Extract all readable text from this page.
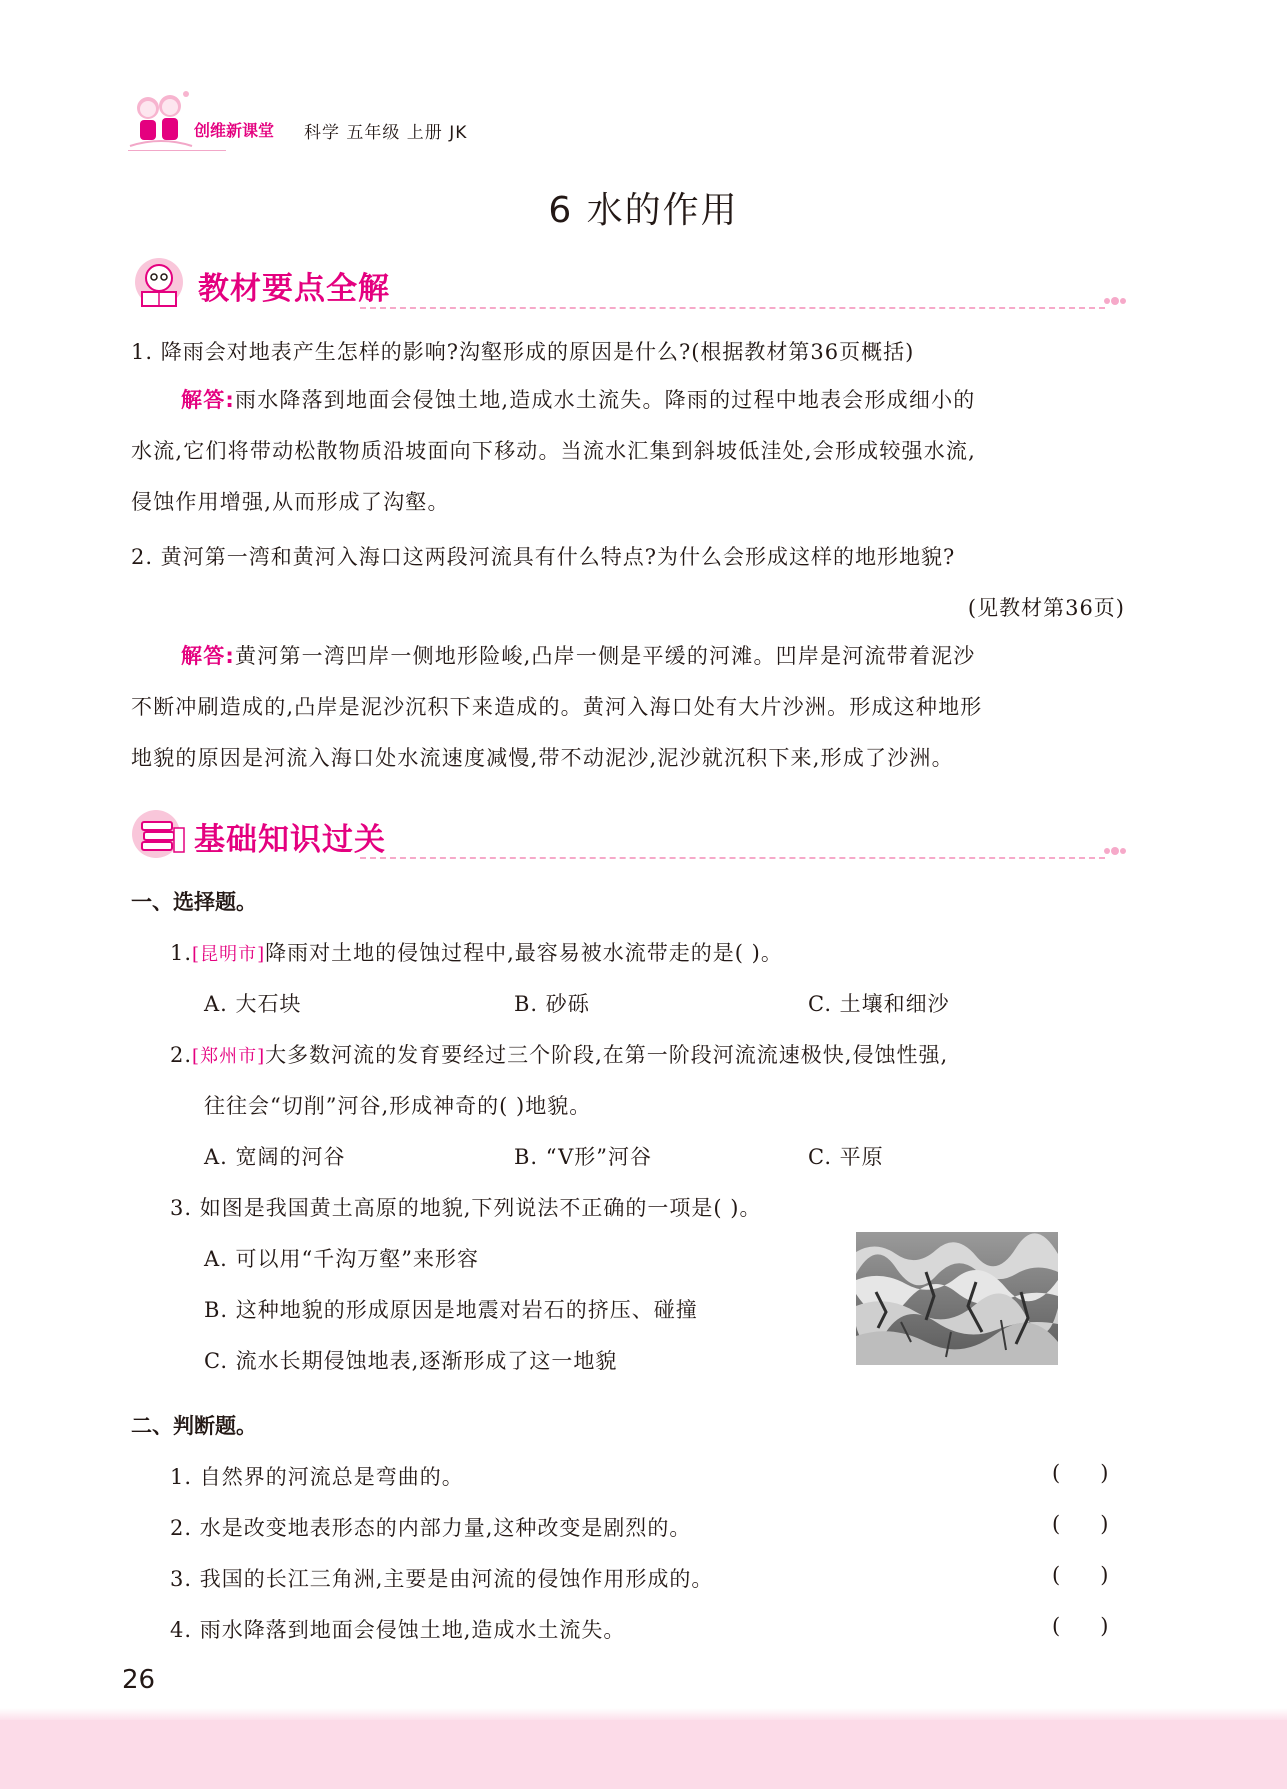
创维新课堂 科学 五年级 上册 JK
6 水的作用
教材要点全解
1. 降雨会对地表产生怎样的影响?沟壑形成的原因是什么?(根据教材第36页概括)
解答:雨水降落到地面会侵蚀土地,造成水土流失。降雨的过程中地表会形成细小的
水流,它们将带动松散物质沿坡面向下移动。当流水汇集到斜坡低洼处,会形成较强水流,
侵蚀作用增强,从而形成了沟壑。
2. 黄河第一湾和黄河入海口这两段河流具有什么特点?为什么会形成这样的地形地貌?
(见教材第36页)
解答:黄河第一湾凹岸一侧地形险峻,凸岸一侧是平缓的河滩。凹岸是河流带着泥沙
不断冲刷造成的,凸岸是泥沙沉积下来造成的。黄河入海口处有大片沙洲。形成这种地形
地貌的原因是河流入海口处水流速度减慢,带不动泥沙,泥沙就沉积下来,形成了沙洲。
基础知识过关
一、选择题。
1.[昆明市]降雨对土地的侵蚀过程中,最容易被水流带走的是( )。
A. 大石块	B. 砂砾	C. 土壤和细沙
2.[郑州市]大多数河流的发育要经过三个阶段,在第一阶段河流流速极快,侵蚀性强,
往往会“切削”河谷,形成神奇的( )地貌。
A. 宽阔的河谷	B. “V形”河谷	C. 平原
3. 如图是我国黄土高原的地貌,下列说法不正确的一项是( )。
A. 可以用“千沟万壑”来形容
B. 这种地貌的形成原因是地震对岩石的挤压、碰撞
C. 流水长期侵蚀地表,逐渐形成了这一地貌
二、判断题。
1. 自然界的河流总是弯曲的。	(      )
2. 水是改变地表形态的内部力量,这种改变是剧烈的。	(      )
3. 我国的长江三角洲,主要是由河流的侵蚀作用形成的。	(      )
4. 雨水降落到地面会侵蚀土地,造成水土流失。	(      )
26
